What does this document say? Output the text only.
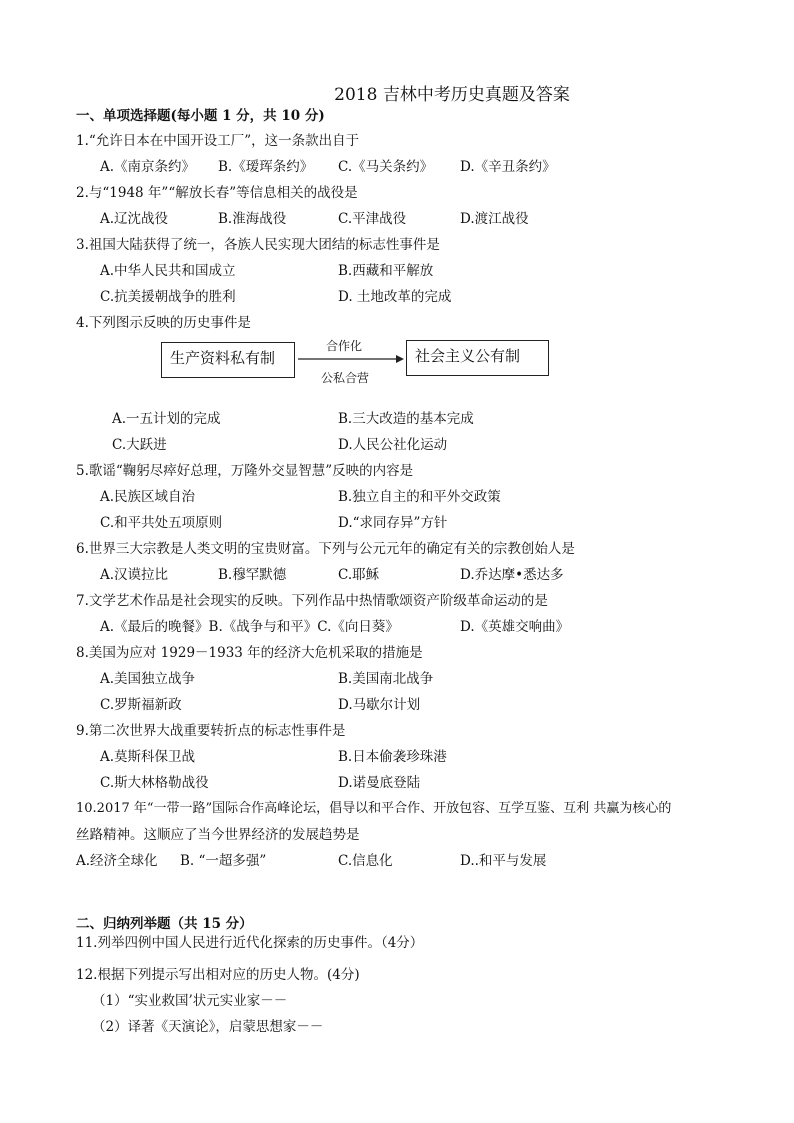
2018 吉林中考历史真题及答案
一、单项选择题(每小题 1 分，共 10 分)
1.“允许日本在中国开设工厂”，这一条款出自于
A.《南京条约》 B.《瑷珲条约》 C.《马关条约》 D.《辛丑条约》
2.与“1948 年”“解放长春”等信息相关的战役是
A.辽沈战役	B.淮海战役	C.平津战役	D.渡江战役
3.祖国大陆获得了统一，各族人民实现大团结的标志性事件是
A.中华人民共和国成立	B.西藏和平解放
C.抗美援朝战争的胜利	D. 土地改革的完成
4.下列图示反映的历史事件是
生产资料私有制	社会主义公有制
合作化
公私合营
A.一五计划的完成	B.三大改造的基本完成
C.大跃进	D.人民公社化运动
5.歌谣“鞠躬尽瘁好总理，万隆外交显智慧”反映的内容是
A.民族区域自治	B.独立自主的和平外交政策
C.和平共处五项原则	D.“求同存异”方针
6.世界三大宗教是人类文明的宝贵财富。下列与公元元年的确定有关的宗教创始人是
A.汉谟拉比	B.穆罕默德	C.耶稣	D.乔达摩•悉达多
7.文学艺术作品是社会现实的反映。下列作品中热情歌颂资产阶级革命运动的是
A.《最后的晚餐》B.《战争与和平》C.《向日葵》	D.《英雄交响曲》
8.美国为应对 1929－1933 年的经济大危机采取的措施是
A.美国独立战争	B.美国南北战争
C.罗斯福新政	D.马歇尔计划
9.第二次世界大战重要转折点的标志性事件是
A.莫斯科保卫战	B.日本偷袭珍珠港
C.斯大林格勒战役	D.诺曼底登陆
10.2017 年“一带一路”国际合作高峰论坛，倡导以和平合作、开放包容、互学互鉴、互利 共赢为核心的
丝路精神。这顺应了当今世界经济的发展趋势是
A.经济全球化 B. “一超多强”	C.信息化	D..和平与发展
二、归纳列举题（共 15 分）
11.列举四例中国人民进行近代化探索的历史事件。（4分）
12.根据下列提示写出相对应的历史人物。(4分)
（1）“实业救国’状元实业家－－
（2）译著《天演论》，启蒙思想家－－
